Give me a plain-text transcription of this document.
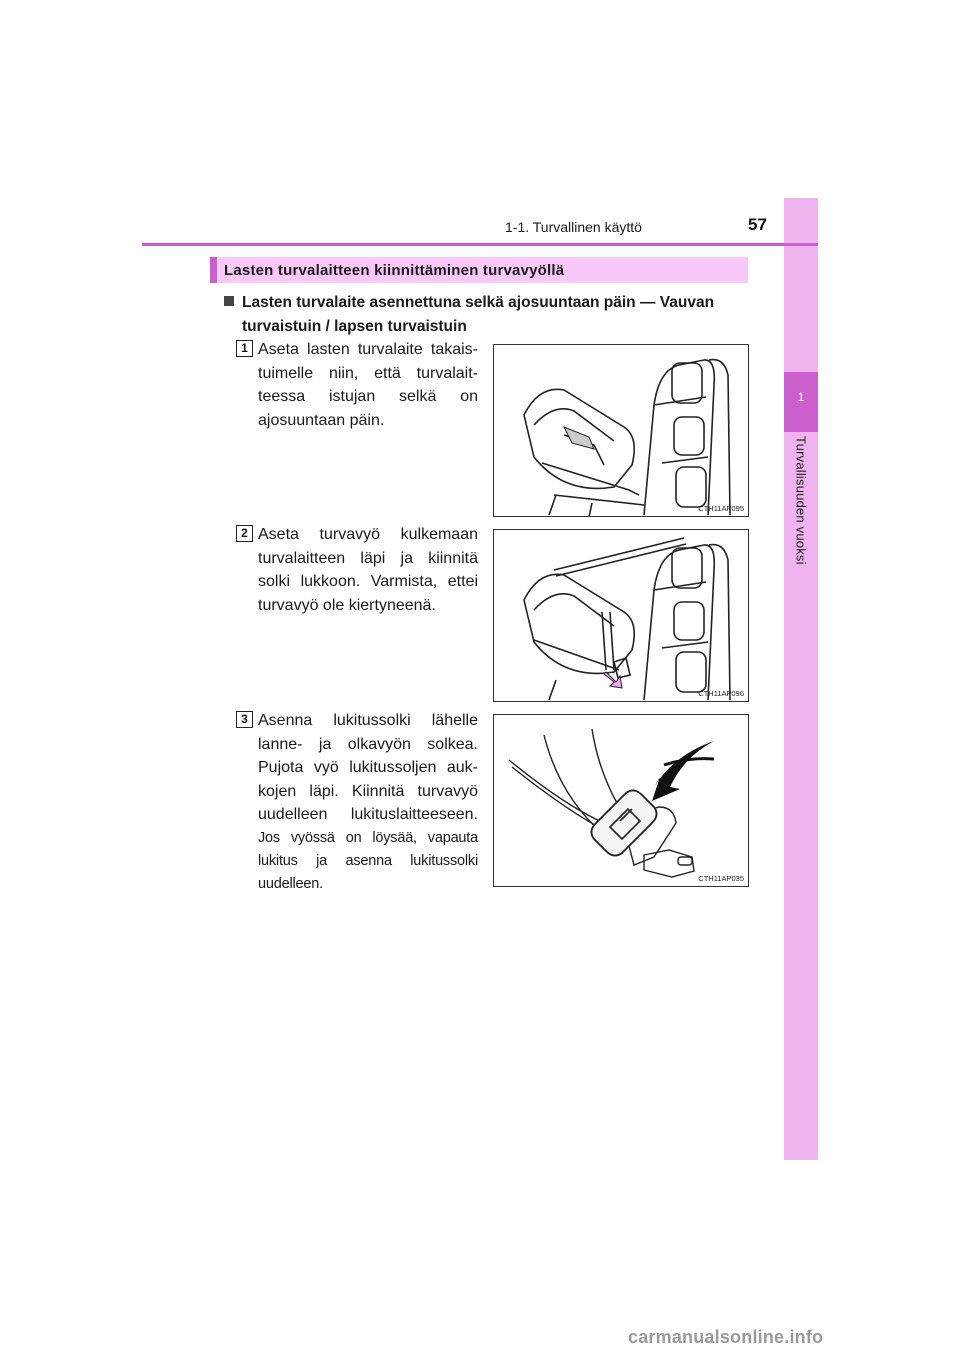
1
Turvallisuuden vuoksi
1-1. Turvallinen käyttö	57
Lasten turvalaitteen kiinnittäminen turvavyöllä
Lasten turvalaite asennettuna selkä ajosuuntaan päin — Vauvan
turvaistuin / lapsen turvaistuin
1 Aseta lasten turvalaite takais-
tuimelle niin, että turvalait-
teessa istujan selkä on
ajosuuntaan päin.
CTH11AP095
2 Aseta turvavyö kulkemaan
turvalaitteen läpi ja kiinnitä
solki lukkoon. Varmista, ettei
turvavyö ole kiertyneenä.
CTH11AP096
3 Asenna lukitussolki lähelle
lanne- ja olkavyön solkea.
Pujota vyö lukitussoljen auk-
kojen läpi. Kiinnitä turvavyö
uudelleen lukituslaitteeseen.
Jos vyössä on löysää, vapauta
lukitus ja asenna lukitussolki
uudelleen.	CTH11AP035
carmanualsonline.info
